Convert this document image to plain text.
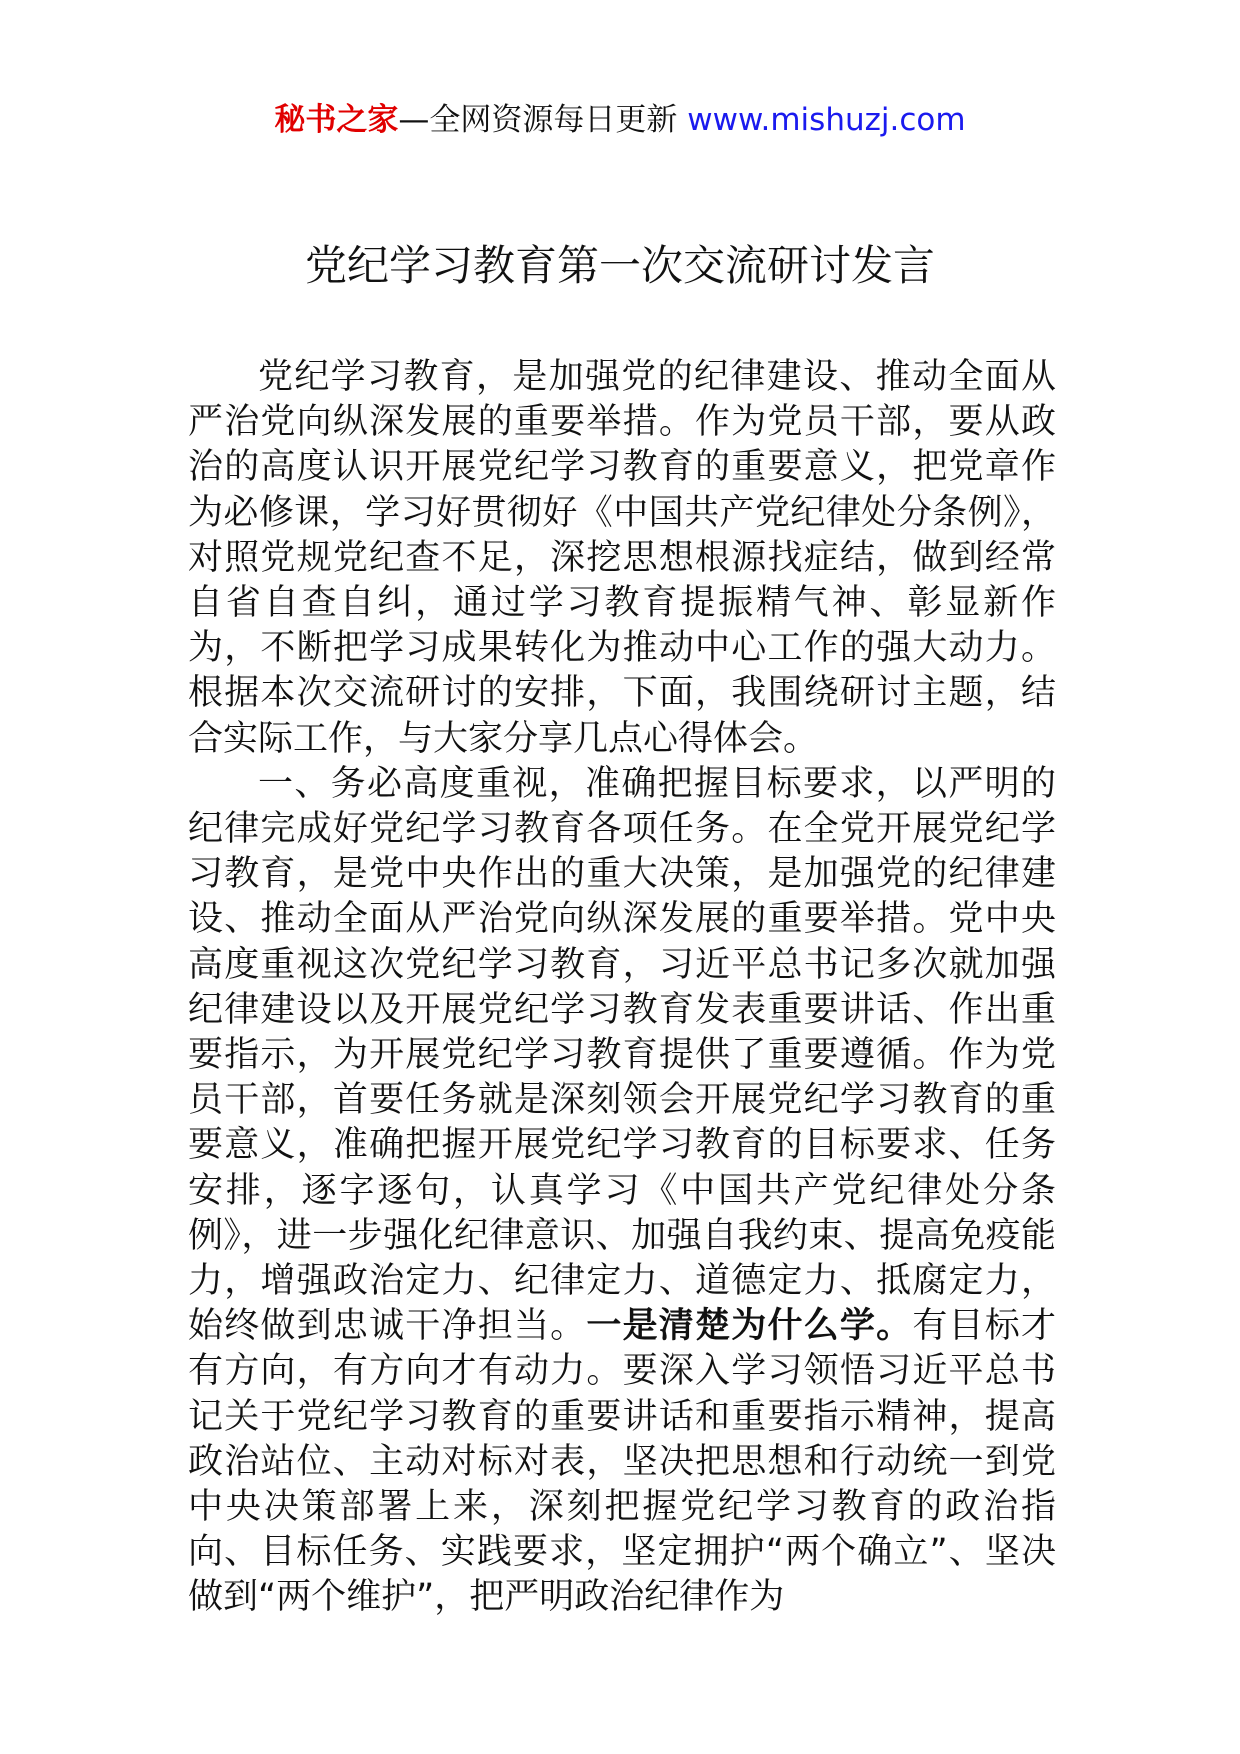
秘书之家—全网资源每日更新 www.mishuzj.com
党纪学习教育第一次交流研讨发言

党纪学习教育，是加强党的纪律建设、推动全面从严治党向纵深发展的重要举措。作为党员干部，要从政治的高度认识开展党纪学习教育的重要意义，把党章作为必修课，学习好贯彻好《中国共产党纪律处分条例》，对照党规党纪查不足，深挖思想根源找症结，做到经常自省自查自纠，通过学习教育提振精气神、彰显新作为，不断把学习成果转化为推动中心工作的强大动力。根据本次交流研讨的安排，下面，我围绕研讨主题，结合实际工作，与大家分享几点心得体会。

一、务必高度重视，准确把握目标要求，以严明的纪律完成好党纪学习教育各项任务。在全党开展党纪学习教育，是党中央作出的重大决策，是加强党的纪律建设、推动全面从严治党向纵深发展的重要举措。党中央高度重视这次党纪学习教育，习近平总书记多次就加强纪律建设以及开展党纪学习教育发表重要讲话、作出重要指示，为开展党纪学习教育提供了重要遵循。作为党员干部，首要任务就是深刻领会开展党纪学习教育的重要意义，准确把握开展党纪学习教育的目标要求、任务安排，逐字逐句，认真学习《中国共产党纪律处分条例》，进一步强化纪律意识、加强自我约束、提高免疫能力，增强政治定力、纪律定力、道德定力、抵腐定力，始终做到忠诚干净担当。一是清楚为什么学。有目标才有方向，有方向才有动力。要深入学习领悟习近平总书记关于党纪学习教育的重要讲话和重要指示精神，提高政治站位、主动对标对表，坚决把思想和行动统一到党中央决策部署上来，深刻把握党纪学习教育的政治指向、目标任务、实践要求，坚定拥护“两个确立”、坚决做到“两个维护”，把严明政治纪律作为
